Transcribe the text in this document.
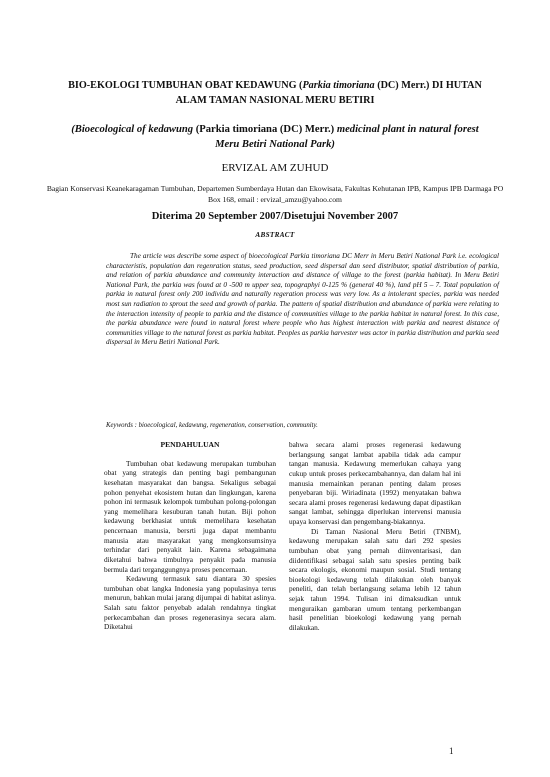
BIO-EKOLOGI TUMBUHAN OBAT KEDAWUNG (Parkia timoriana (DC) Merr.) DI HUTAN ALAM TAMAN NASIONAL MERU BETIRI
(Bioecological of kedawung (Parkia timoriana (DC) Merr.) medicinal plant in natural forest Meru Betiri National Park)
ERVIZAL AM ZUHUD
Bagian Konservasi Keanekaragaman Tumbuhan, Departemen Sumberdaya Hutan dan Ekowisata, Fakultas Kehutanan IPB, Kampus IPB Darmaga PO Box 168, email : ervizal_amzu@yahoo.com
Diterima 20 September 2007/Disetujui November 2007
ABSTRACT

The article was describe some aspect of bioecological Parkia timoriana DC Merr in Meru Betiri National Park i.e. ecological characteristis, population dan regenration status, seed production, seed dispersal dan seed distributor, spatial distribution of parkia, and relation of parkia abundance and community interaction and distance of village to the forest (parkia habitat). In Meru Betiri National Park, the parkia was found at 0 -500 m upper sea, topographyi 0-125 % (general 40 %), land pH 5 – 7. Total population of parkia in natural forest only 200 individu and naturally regeration process was very low. As a intolerant species, parkia was needed most sun radiation to sprout the seed and growth of parkia. The pattern of spatial distribution and abundance of parkia were relating to the interaction intensity of people to parkia and the distance of communities village to the parkia habitat in natural forest. In this case, the parkia abundance were found in natural forest where people who has highest interaction with parkia and nearest distance of communities village to the natural forest as parkia habitat. Peoples as parkia harvester was actor in parkia distribution and parkia seed dispersal in Meru Betiri National Park.

Keywords : bioecological, kedawung, regeneration, conservation, community.

PENDAHULUAN

Tumbuhan obat kedawung merupakan tumbuhan obat yang strategis dan penting bagi pembangunan kesehatan masyarakat dan bangsa. Sekaligus sebagai pohon penyehat ekosistem hutan dan lingkungan, karena pohon ini termasuk kelompok tumbuhan polong-polongan yang memelihara kesuburan tanah hutan. Biji pohon kedawung berkhasiat untuk memelihara kesehatan pencernaan manusia, bersrti juga dapat membantu manusia atau masyarakat yang mengkonsumsinya terhindar dari penyakit lain. Karena sebagaimana diketahui bahwa timbulnya penyakit pada manusia bermula dari terganggungnya proses pencernaan.

Kedawung termasuk satu diantara 30 spesies tumbuhan obat langka Indonesia yang populasinya terus menurun, bahkan mulai jarang dijumpai di habitat aslinya. Salah satu faktor penyebab adalah rendahnya tingkat perkecambahan dan proses regenerasinya secara alam. Diketahui

bahwa secara alami proses regenerasi kedawung berlangsung sangat lambat apabila tidak ada campur tangan manusia. Kedawung memerlukan cahaya yang cukup untuk proses perkecambahannya, dan dalam hal ini manusia memainkan peranan penting dalam proses penyebaran biji. Wiriadinata (1992) menyatakan bahwa secara alami proses regenerasi kedawung dapat dipastikan sangat lambat, sehingga diperlukan intervensi manusia upaya konservasi dan pengembang-biakannya.

Di Taman Nasional Meru Betiri (TNBM), kedawung merupakan salah satu dari 292 spesies tumbuhan obat yang pernah diinventarisasi, dan diidentifikasi sebagai salah satu spesies penting baik secara ekologis, ekonomi maupun sosial. Studi tentang bioekologi kedawung telah dilakukan oleh banyak peneliti, dan telah berlangsung selama lebih 12 tahun sejak tahun 1994. Tulisan ini dimaksudkan untuk menguraikan gambaran umum tentang perkembangan hasil penelitian bioekologi kedawung yang pernah dilakukan.

1
